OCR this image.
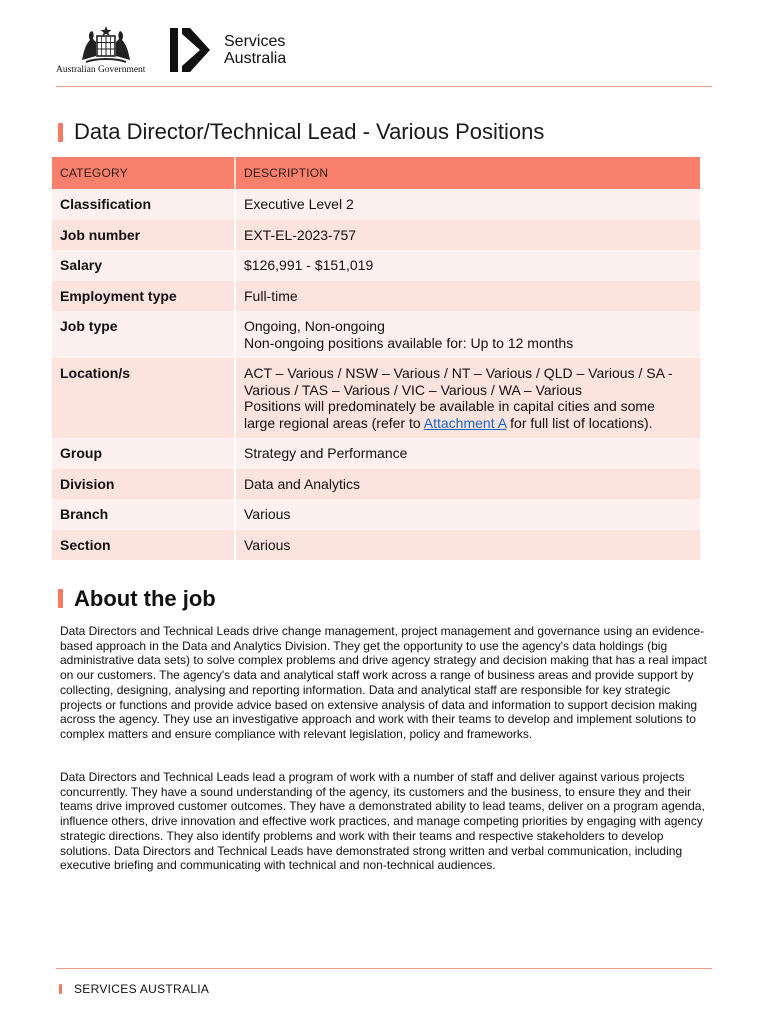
Australian Government
Services
Australia
Data Director/Technical Lead - Various Positions
CATEGORY	DESCRIPTION
Classification	Executive Level 2

Job number	EXT-EL-2023-757

Salary	$126,991 - $151,019

Employment type	Full-time

Job type	Ongoing, Non-ongoing
Non-ongoing positions available for: Up to 12 months

Location/s	ACT – Various / NSW – Various / NT – Various / QLD – Various / SA -
Various / TAS – Various / VIC – Various / WA – Various
Positions will predominately be available in capital cities and some
large regional areas (refer to Attachment A for full list of locations).

Group	Strategy and Performance

Division	Data and Analytics

Branch	Various

Section	Various
About the job

Data Directors and Technical Leads drive change management, project management and governance using an evidence-based approach in the Data and Analytics Division. They get the opportunity to use the agency's data holdings (big administrative data sets) to solve complex problems and drive agency strategy and decision making that has a real impact on our customers. The agency's data and analytical staff work across a range of business areas and provide support by collecting, designing, analysing and reporting information. Data and analytical staff are responsible for key strategic projects or functions and provide advice based on extensive analysis of data and information to support decision making across the agency. They use an investigative approach and work with their teams to develop and implement solutions to complex matters and ensure compliance with relevant legislation, policy and frameworks.

Data Directors and Technical Leads lead a program of work with a number of staff and deliver against various projects concurrently. They have a sound understanding of the agency, its customers and the business, to ensure they and their teams drive improved customer outcomes. They have a demonstrated ability to lead teams, deliver on a program agenda, influence others, drive innovation and effective work practices, and manage competing priorities by engaging with agency strategic directions. They also identify problems and work with their teams and respective stakeholders to develop solutions. Data Directors and Technical Leads have demonstrated strong written and verbal communication, including executive briefing and communicating with technical and non-technical audiences.

SERVICES AUSTRALIA
